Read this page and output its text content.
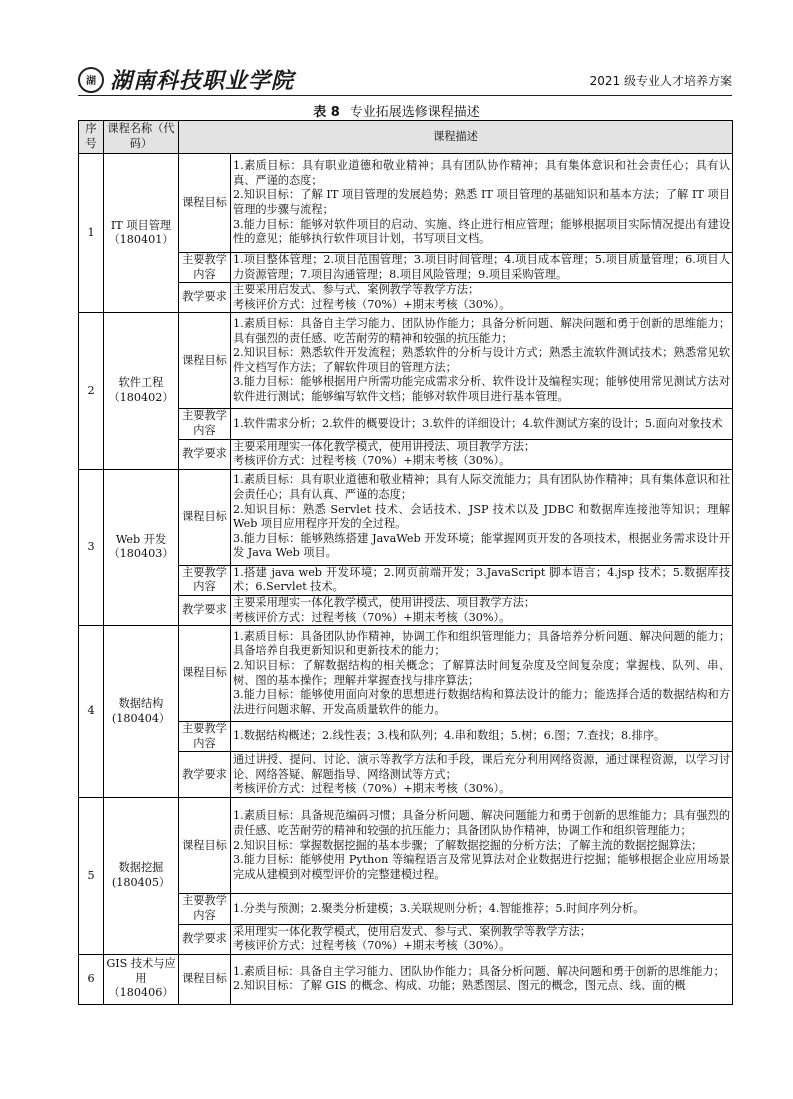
湖 湖南科技职业学院	2021 级专业人才培养方案
表 8 专业拓展选修课程描述
序号	课程名称（代码）	课程描述	
1	IT 项目管理
（180401）	课程目标	1.素质目标：具有职业道德和敬业精神；具有团队协作精神；具有集体意识和社会责任心；具有认真、严谨的态度；
2.知识目标：了解 IT 项目管理的发展趋势；熟悉 IT 项目管理的基础知识和基本方法；了解 IT 项目管理的步骤与流程；
3.能力目标：能够对软件项目的启动、实施、终止进行相应管理；能够根据项目实际情况提出有建设性的意见；能够执行软件项目计划，书写项目文档。
		主要教学内容	1.项目整体管理；2.项目范围管理；3.项目时间管理；4.项目成本管理；5.项目质量管理；6.项目人力资源管理；7.项目沟通管理；8.项目风险管理；9.项目采购管理。
		教学要求	主要采用启发式、参与式、案例教学等教学方法；
考核评价方式：过程考核（70%）+期末考核（30%）。
2	软件工程
（180402）	课程目标	1.素质目标：具备自主学习能力、团队协作能力；具备分析问题、解决问题和勇于创新的思维能力；具有强烈的责任感、吃苦耐劳的精神和较强的抗压能力；
2.知识目标：熟悉软件开发流程；熟悉软件的分析与设计方式；熟悉主流软件测试技术；熟悉常见软件文档写作方法；了解软件项目的管理方法；
3.能力目标：能够根据用户所需功能完成需求分析、软件设计及编程实现；能够使用常见测试方法对软件进行测试；能够编写软件文档；能够对软件项目进行基本管理。
		主要教学内容	1.软件需求分析；2.软件的概要设计；3.软件的详细设计；4.软件测试方案的设计；5.面向对象技术
		教学要求	主要采用理实一体化教学模式，使用讲授法、项目教学方法；
考核评价方式：过程考核（70%）+期末考核（30%）。
3	Web 开发
（180403）	课程目标	1.素质目标：具有职业道德和敬业精神；具有人际交流能力；具有团队协作精神；具有集体意识和社会责任心；具有认真、严谨的态度；
2.知识目标：熟悉 Servlet 技术、会话技术、JSP 技术以及 JDBC 和数据库连接池等知识；理解 Web 项目应用程序开发的全过程。
3.能力目标：能够熟练搭建 JavaWeb 开发环境；能掌握网页开发的各项技术，根据业务需求设计开发 Java Web 项目。
		主要教学内容	1.搭建 java web 开发环境；2.网页前端开发；3.JavaScript 脚本语言；4.jsp 技术；5.数据库技术；6.Servlet 技术。
		教学要求	主要采用理实一体化教学模式，使用讲授法、项目教学方法；
考核评价方式：过程考核（70%）+期末考核（30%）。
4	数据结构
(180404）	课程目标	1.素质目标：具备团队协作精神，协调工作和组织管理能力；具备培养分析问题、解决问题的能力；具备培养自我更新知识和更新技术的能力；
2.知识目标：了解数据结构的相关概念；了解算法时间复杂度及空间复杂度；掌握栈、队列、串、树、图的基本操作；理解并掌握查找与排序算法；
3.能力目标：能够使用面向对象的思想进行数据结构和算法设计的能力；能选择合适的数据结构和方法进行问题求解、开发高质量软件的能力。
		主要教学内容	1.数据结构概述；2.线性表；3.栈和队列；4.串和数组；5.树；6.图；7.查找；8.排序。
		教学要求	通过讲授、提问、讨论、演示等教学方法和手段，课后充分利用网络资源，通过课程资源，以学习讨论、网络答疑、解题指导、网络测试等方式；
考核评价方式：过程考核（70%）+期末考核（30%）。
5	数据挖掘
(180405）	课程目标	1.素质目标：具备规范编码习惯；具备分析问题、解决问题能力和勇于创新的思维能力；具有强烈的责任感、吃苦耐劳的精神和较强的抗压能力；具备团队协作精神，协调工作和组织管理能力；
2.知识目标：掌握数据挖掘的基本步骤；了解数据挖掘的分析方法；了解主流的数据挖掘算法；
3.能力目标：能够使用 Python 等编程语言及常见算法对企业数据进行挖掘；能够根据企业应用场景完成从建模到对模型评价的完整建模过程。
		主要教学内容	1.分类与预测；2.聚类分析建模；3.关联规则分析；4.智能推荐；5.时间序列分析。
		教学要求	采用理实一体化教学模式，使用启发式、参与式、案例教学等教学方法；
考核评价方式：过程考核（70%）+期末考核（30%）。
6	GIS 技术与应用
（180406）	课程目标	1.素质目标：具备自主学习能力、团队协作能力；具备分析问题、解决问题和勇于创新的思维能力；
2.知识目标：了解 GIS 的概念、构成、功能；熟悉图层、图元的概念，图元点、线、面的概
